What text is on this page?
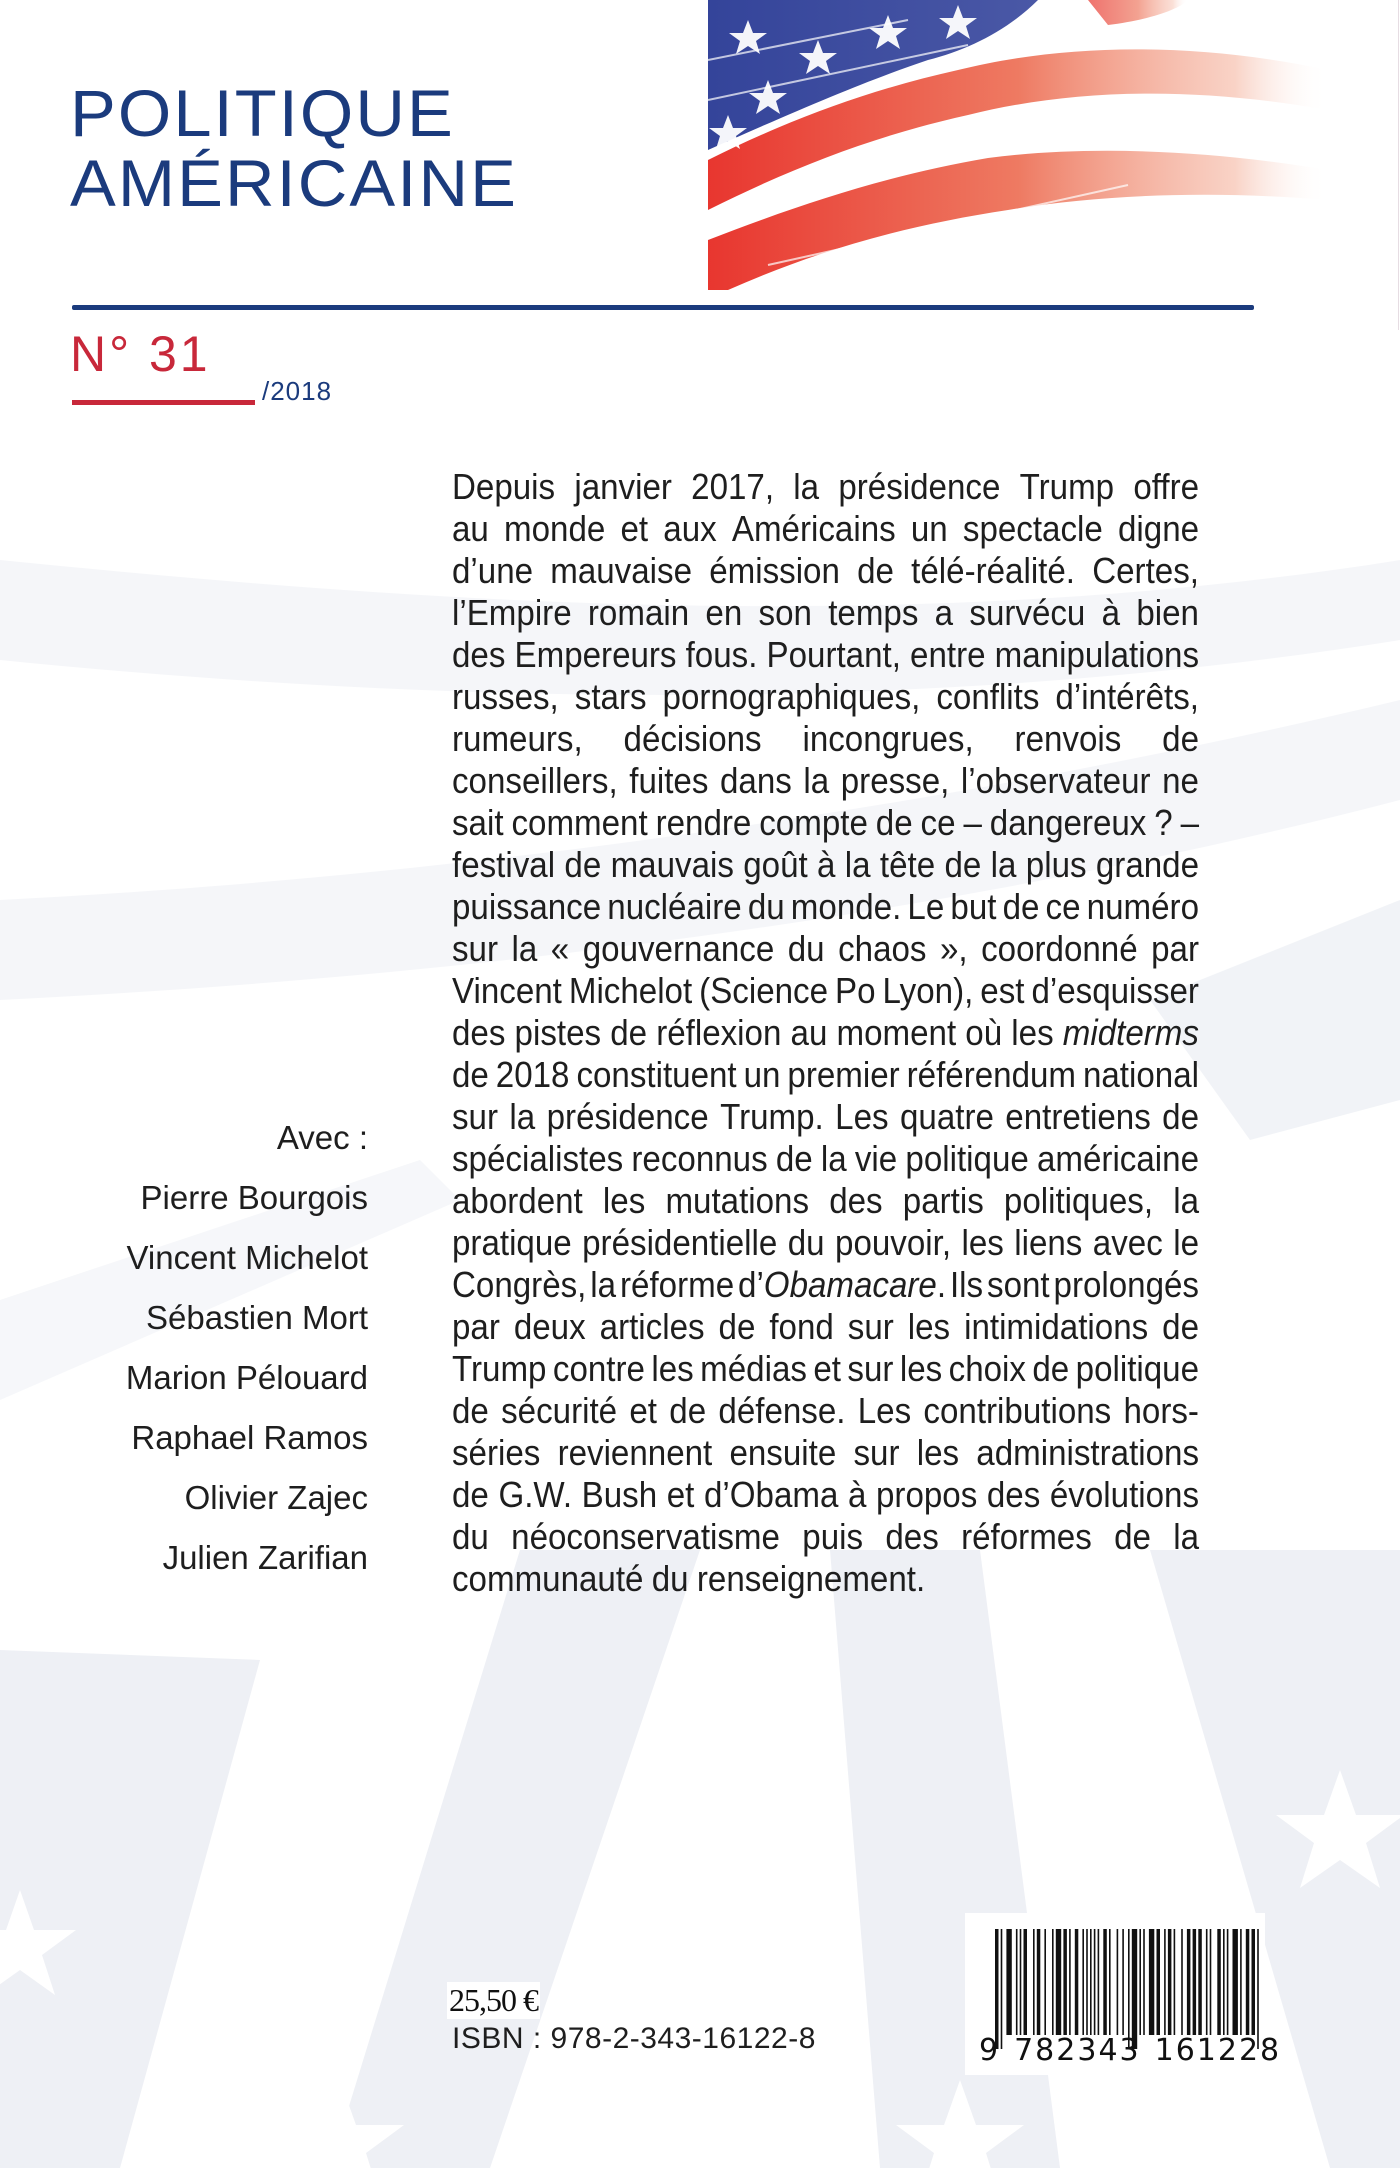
POLITIQUE
AMÉRICAINE
N° 31
/2018
Avec :
Pierre Bourgois
Vincent Michelot
Sébastien Mort
Marion Pélouard
Raphael Ramos
Olivier Zajec
Julien Zarifian
Depuis janvier 2017, la présidence Trump offre
au monde et aux Américains un spectacle digne
d’une mauvaise émission de télé-réalité. Certes,
l’Empire romain en son temps a survécu à bien
des Empereurs fous. Pourtant, entre manipulations
russes, stars pornographiques, conflits d’intérêts,
rumeurs, décisions incongrues, renvois de
conseillers, fuites dans la presse, l’observateur ne
sait comment rendre compte de ce – dangereux ? –
festival de mauvais goût à la tête de la plus grande
puissance nucléaire du monde. Le but de ce numéro
sur la « gouvernance du chaos », coordonné par
Vincent Michelot (Science Po Lyon), est d’esquisser
des pistes de réflexion au moment où les midterms
de 2018 constituent un premier référendum national
sur la présidence Trump. Les quatre entretiens de
spécialistes reconnus de la vie politique américaine
abordent les mutations des partis politiques, la
pratique présidentielle du pouvoir, les liens avec le
Congrès, la réforme d’Obamacare. Ils sont prolongés
par deux articles de fond sur les intimidations de
Trump contre les médias et sur les choix de politique
de sécurité et de défense. Les contributions hors-
séries reviennent ensuite sur les administrations
de G.W. Bush et d’Obama à propos des évolutions
du néoconservatisme puis des réformes de la
communauté du renseignement.
25,50 €
ISBN : 978-2-343-16122-8	9 782343 161228
